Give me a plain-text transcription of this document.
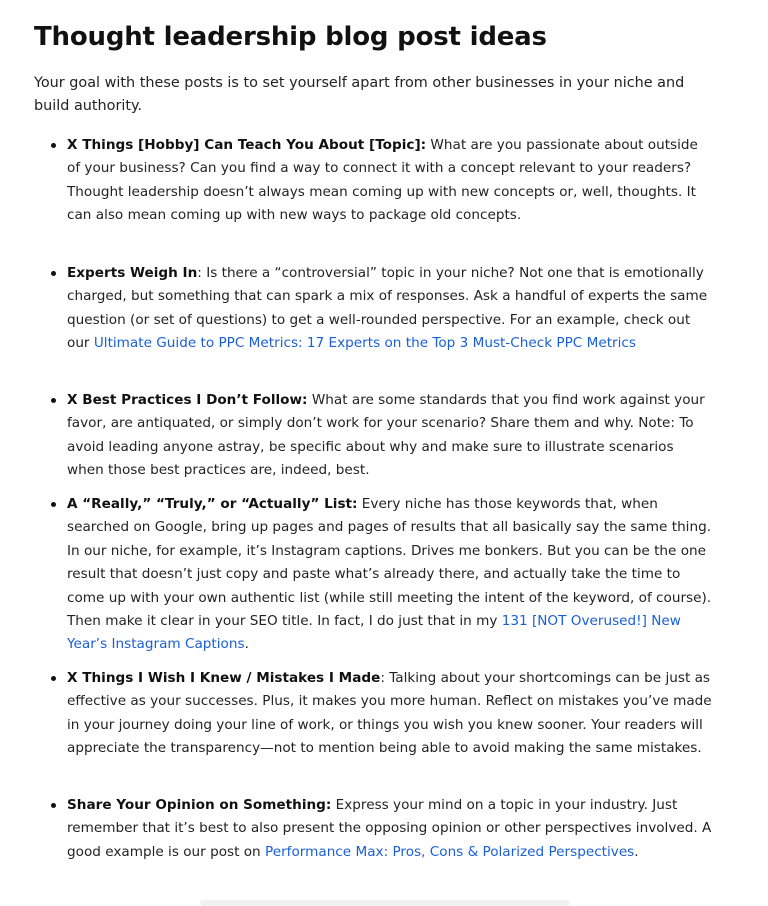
Thought leadership blog post ideas

Your goal with these posts is to set yourself apart from other businesses in your niche and build authority.

X Things [Hobby] Can Teach You About [Topic]: What are you passionate about outside of your business? Can you find a way to connect it with a concept relevant to your readers? Thought leadership doesn’t always mean coming up with new concepts or, well, thoughts. It can also mean coming up with new ways to package old concepts.
Experts Weigh In: Is there a “controversial” topic in your niche? Not one that is emotionally charged, but something that can spark a mix of responses. Ask a handful of experts the same question (or set of questions) to get a well-rounded perspective. For an example, check out our Ultimate Guide to PPC Metrics: 17 Experts on the Top 3 Must-Check PPC Metrics
X Best Practices I Don’t Follow: What are some standards that you find work against your favor, are antiquated, or simply don’t work for your scenario? Share them and why. Note: To avoid leading anyone astray, be specific about why and make sure to illustrate scenarios when those best practices are, indeed, best.
A “Really,” “Truly,” or “Actually” List: Every niche has those keywords that, when searched on Google, bring up pages and pages of results that all basically say the same thing. In our niche, for example, it’s Instagram captions. Drives me bonkers. But you can be the one result that doesn’t just copy and paste what’s already there, and actually take the time to come up with your own authentic list (while still meeting the intent of the keyword, of course). Then make it clear in your SEO title. In fact, I do just that in my 131 [NOT Overused!] New Year’s Instagram Captions.
X Things I Wish I Knew / Mistakes I Made: Talking about your shortcomings can be just as effective as your successes. Plus, it makes you more human. Reflect on mistakes you’ve made in your journey doing your line of work, or things you wish you knew sooner. Your readers will appreciate the transparency—not to mention being able to avoid making the same mistakes.
Share Your Opinion on Something: Express your mind on a topic in your industry. Just remember that it’s best to also present the opposing opinion or other perspectives involved. A good example is our post on Performance Max: Pros, Cons & Polarized Perspectives.
